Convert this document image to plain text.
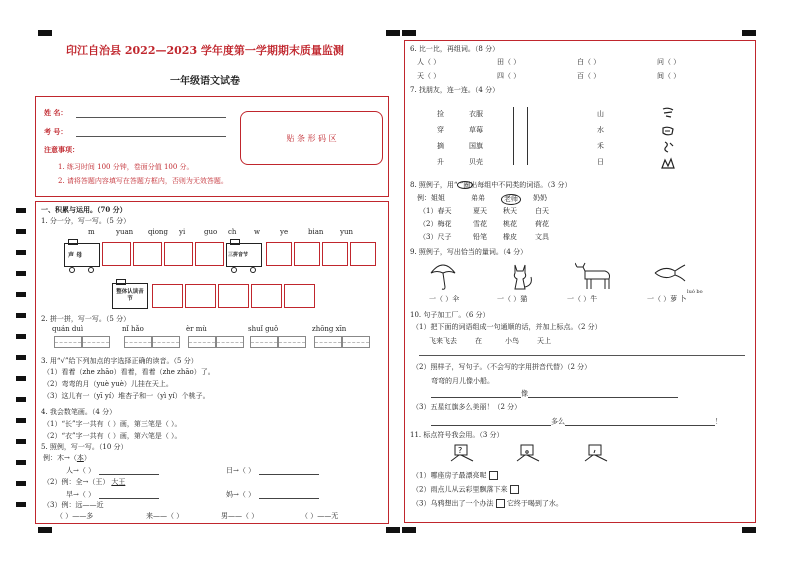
印江自治县 2022—2023 学年度第一学期期末质量监测
一年级语文试卷
姓 名：
考 号：
注意事项：
1. 练习时间 100 分钟，卷面分值 100 分。
2. 请将答题内容填写在答题方框内，否则为无效答题。
贴 条 形 码 区
一、积累与运用。（70 分）
1. 分一分，写一写。（5 分）
m	yuan qiong yi	guo ch	w	ye	bian yun
声 母	三拼音节
整体认读音节
2. 拼一拼，写一写。（5 分）
quán duì	nǐ hǎo	èr mù	shuǐ guǒ	zhōng xīn
3. 用“√”给下列加点的字选择正确的读音。（5 分）
（1）看着（zhe zhāo）看着，看着（zhe zhāo）了。
（2）弯弯的月（yuè yuè）儿挂在天上。
（3）这儿有一（yī yí）堆杏子和一（yì yí）个桃子。
4. 我会数笔画。（4 分）
（1）“长”字一共有（ ）画，第三笔是（ ）。
（2）“衣”字一共有（ ）画，第六笔是（ ）。
5. 照例，写一写。（10 分）
例：木→（本）
人→（ ）	日→（ ）
（2）例：全→（王） 大王
早→（ ）	妈→（ ）
（3）例：远——近
（ ）——多	来——（ ）	男——（ ）	（ ）——无
6. 比一比，再组词。（8 分）
人（ ）	田（ ）	白（ ）	问（ ）
天（ ）	四（ ）	百（ ）	间（ ）
7. 找朋友，连一连。（4 分）
捡	衣服	山
穿	草莓	水
摘	国旗	禾
升	贝壳	日
8. 照例子，用“ ”圈出每组中不同类的词语。（3 分）
例：姐姐	弟弟	老师	奶奶
（1）春天	夏天 秋天	白天
（2）梅花	雪花 桃花	荷花
（3）尺子	铅笔 橡皮	文具
9. 照例子，写出恰当的量词。（4 分）
一（ ）伞	一（ ）猫	一（ ）牛	一（ ）萝 卜
luó bo
10. 句子加工厂。（6 分）
（1）把下面的词语组成一句通顺的话，并加上标点。（2 分）
飞来飞去	在	小鸟	天上
（2）照样子，写句子。（不会写的字用拼音代替）（2 分）
弯弯的月儿像小船。
像
（3）五星红旗多么美丽！（2 分）
多么	！
11. 标点符号我会用。（3 分）
?
（1）哪座房子最漂亮呢
（2）雨点儿从云彩里飘落下来
（3）乌鸦想出了一个办法 它终于喝到了水。
